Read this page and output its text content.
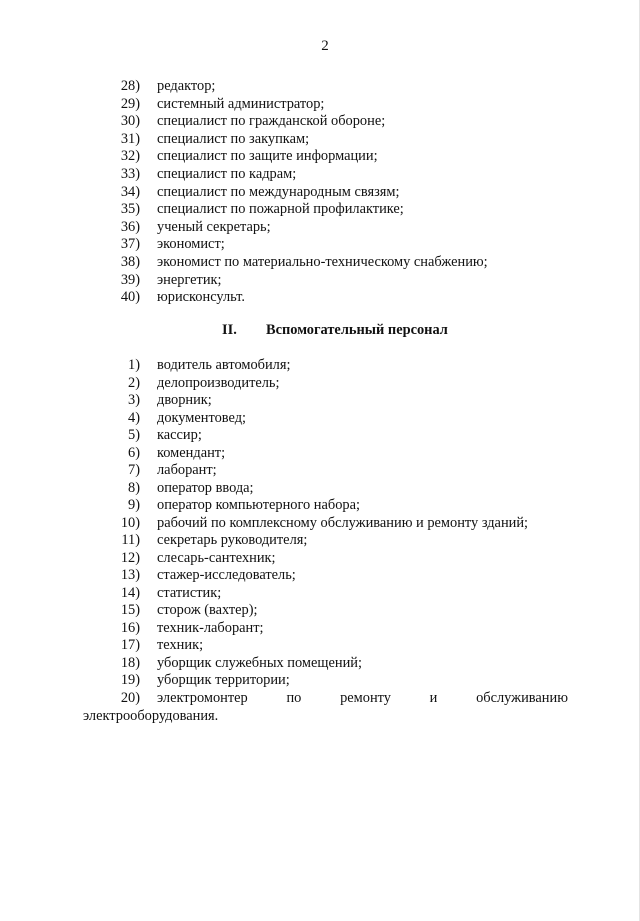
2
28) редактор;
29) системный администратор;
30) специалист по гражданской обороне;
31) специалист по закупкам;
32) специалист по защите информации;
33) специалист по кадрам;
34) специалист по международным связям;
35) специалист по пожарной профилактике;
36) ученый секретарь;
37) экономист;
38) экономист по материально-техническому снабжению;
39) энергетик;
40) юрисконсульт.
II. Вспомогательный персонал
1) водитель автомобиля;
2) делопроизводитель;
3) дворник;
4) документовед;
5) кассир;
6) комендант;
7) лаборант;
8) оператор ввода;
9) оператор компьютерного набора;
10) рабочий по комплексному обслуживанию и ремонту зданий;
11) секретарь руководителя;
12) слесарь-сантехник;
13) стажер-исследователь;
14) статистик;
15) сторож (вахтер);
16) техник-лаборант;
17) техник;
18) уборщик служебных помещений;
19) уборщик территории;
20) электромонтер	по	ремонту	и	обслуживанию
электрооборудования.
